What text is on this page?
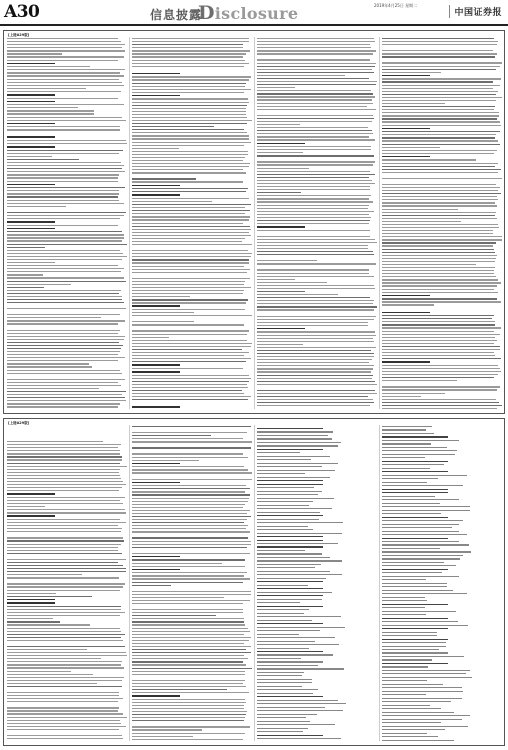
A30	信息披露
Disclosure	2019年4月25日 星期二
中国证券报
[上接A29版]
[上接A29版]
